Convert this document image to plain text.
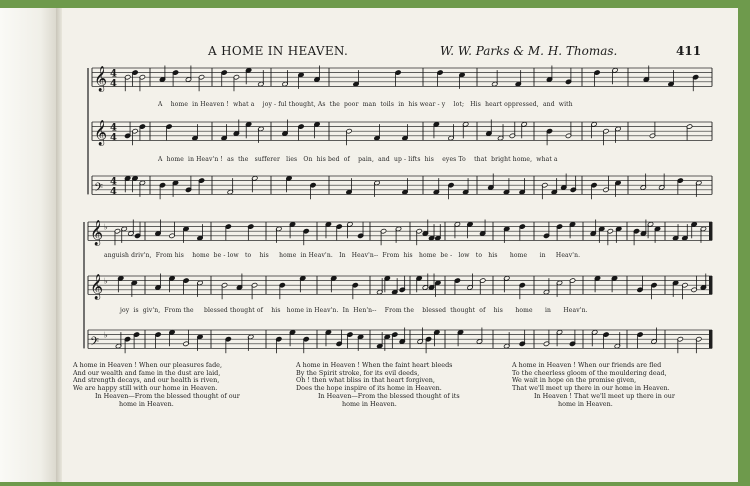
A HOME IN HEAVEN.	W. W. Parks & M. H. Thomas.	411
𝄞 4
4
𝄞 4
4
𝄢 4
4
𝄞 ♭
𝄞 ♭
𝄢
♭
A    home  in Heaven !  what a    joy - ful thought, As  the  poor  man  toils  in  his wear - y    lot;   His  heart oppressed,  and  with
A  home  in Heav'n !  as  the   sufferer   lies   On  his bed  of    pain,  and  up - lifts  his    eyes To    that  bright home,  what a
anguish driv'n,  From his    home  be - low   to    his     home  in Heav'n.   In   Heav'n--  From  his   home  be -   low   to   his      home      in     Heav'n.
joy  is  giv'n,  From the     blessed thought of    his   home in Heav'n.  In  Hen'n--    From the    blessed  thought  of    his      home      in      Heav'n.
A home in Heaven ! When our pleasures fade,
And our wealth and fame in the dust are laid,
And strength decays, and our health is riven,
We are happy still with our home in Heaven.
In Heaven—From the blessed thought of our
home in Heaven.
A home in Heaven ! When the faint heart bleeds
By the Spirit stroke, for its evil deeds,
Oh ! then what bliss in that heart forgiven,
Does the hope inspire of its home in Heaven.
In Heaven—From the blessed thought of its
home in Heaven.
A home in Heaven ! When our friends are fled
To the cheerless gloom of the mouldering dead,
We wait in hope on the promise given,
That we'll meet up there in our home in Heaven.
In Heaven ! That we'll meet up there in our
home in Heaven.
